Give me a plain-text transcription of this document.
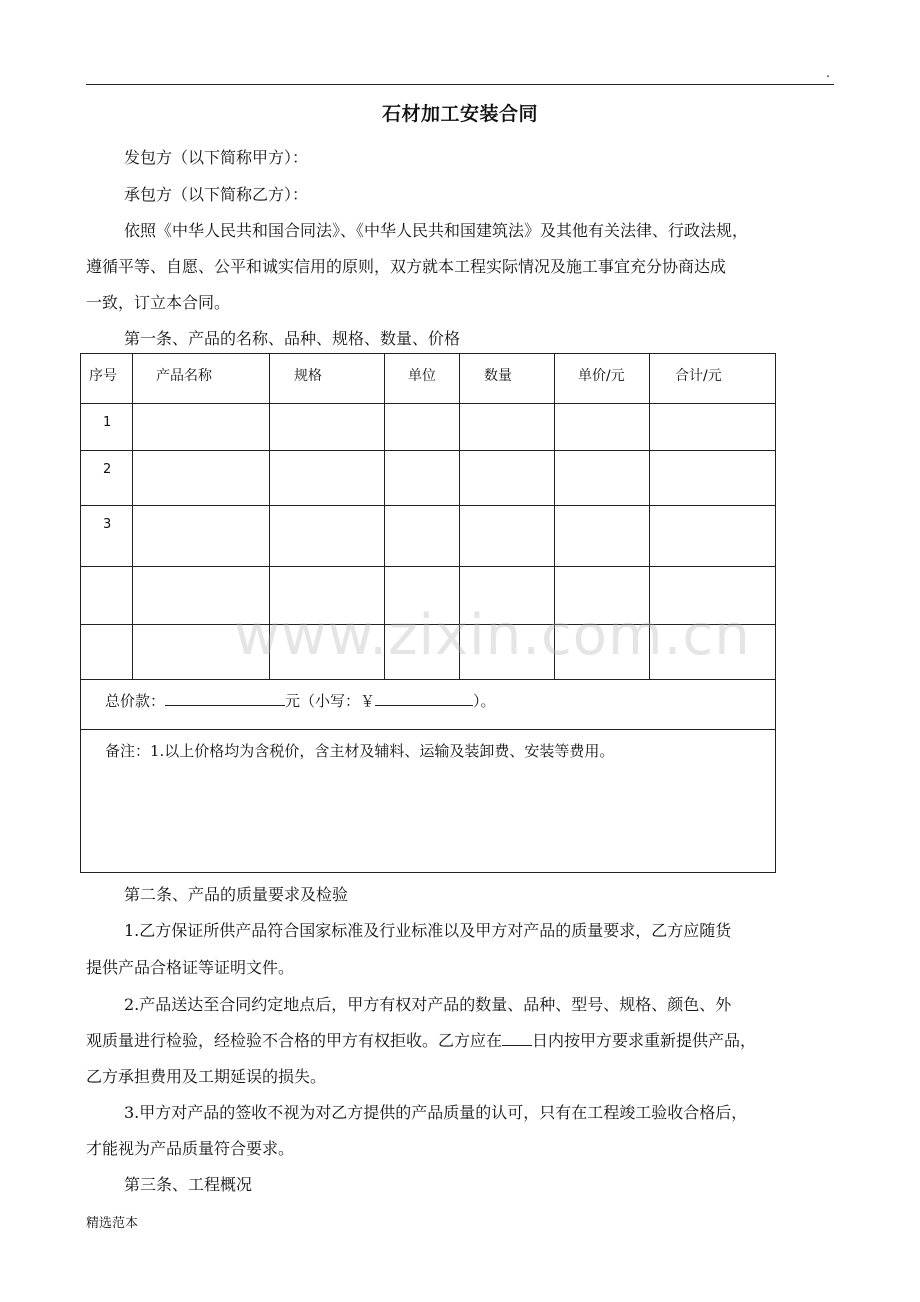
.
石材加工安装合同
发包方（以下简称甲方）：
承包方（以下简称乙方）：
依照《中华人民共和国合同法》、《中华人民共和国建筑法》及其他有关法律、行政法规，
遵循平等、自愿、公平和诚实信用的原则，双方就本工程实际情况及施工事宜充分协商达成
一致，订立本合同。
第一条、产品的名称、品种、规格、数量、价格
序号	产品名称	规格	单位	数量	单价/元	合计/元
1
2
3
总价款：	元（小写：￥	）。
备注：1.以上价格均为含税价，含主材及辅料、运输及装卸费、安装等费用。
www.zixin.com.cn
第二条、产品的质量要求及检验
1.乙方保证所供产品符合国家标准及行业标准以及甲方对产品的质量要求，乙方应随货
提供产品合格证等证明文件。
2.产品送达至合同约定地点后，甲方有权对产品的数量、品种、型号、规格、颜色、外
观质量进行检验，经检验不合格的甲方有权拒收。乙方应在 日内按甲方要求重新提供产品，
乙方承担费用及工期延误的损失。
3.甲方对产品的签收不视为对乙方提供的产品质量的认可，只有在工程竣工验收合格后，
才能视为产品质量符合要求。
第三条、工程概况
精选范本
